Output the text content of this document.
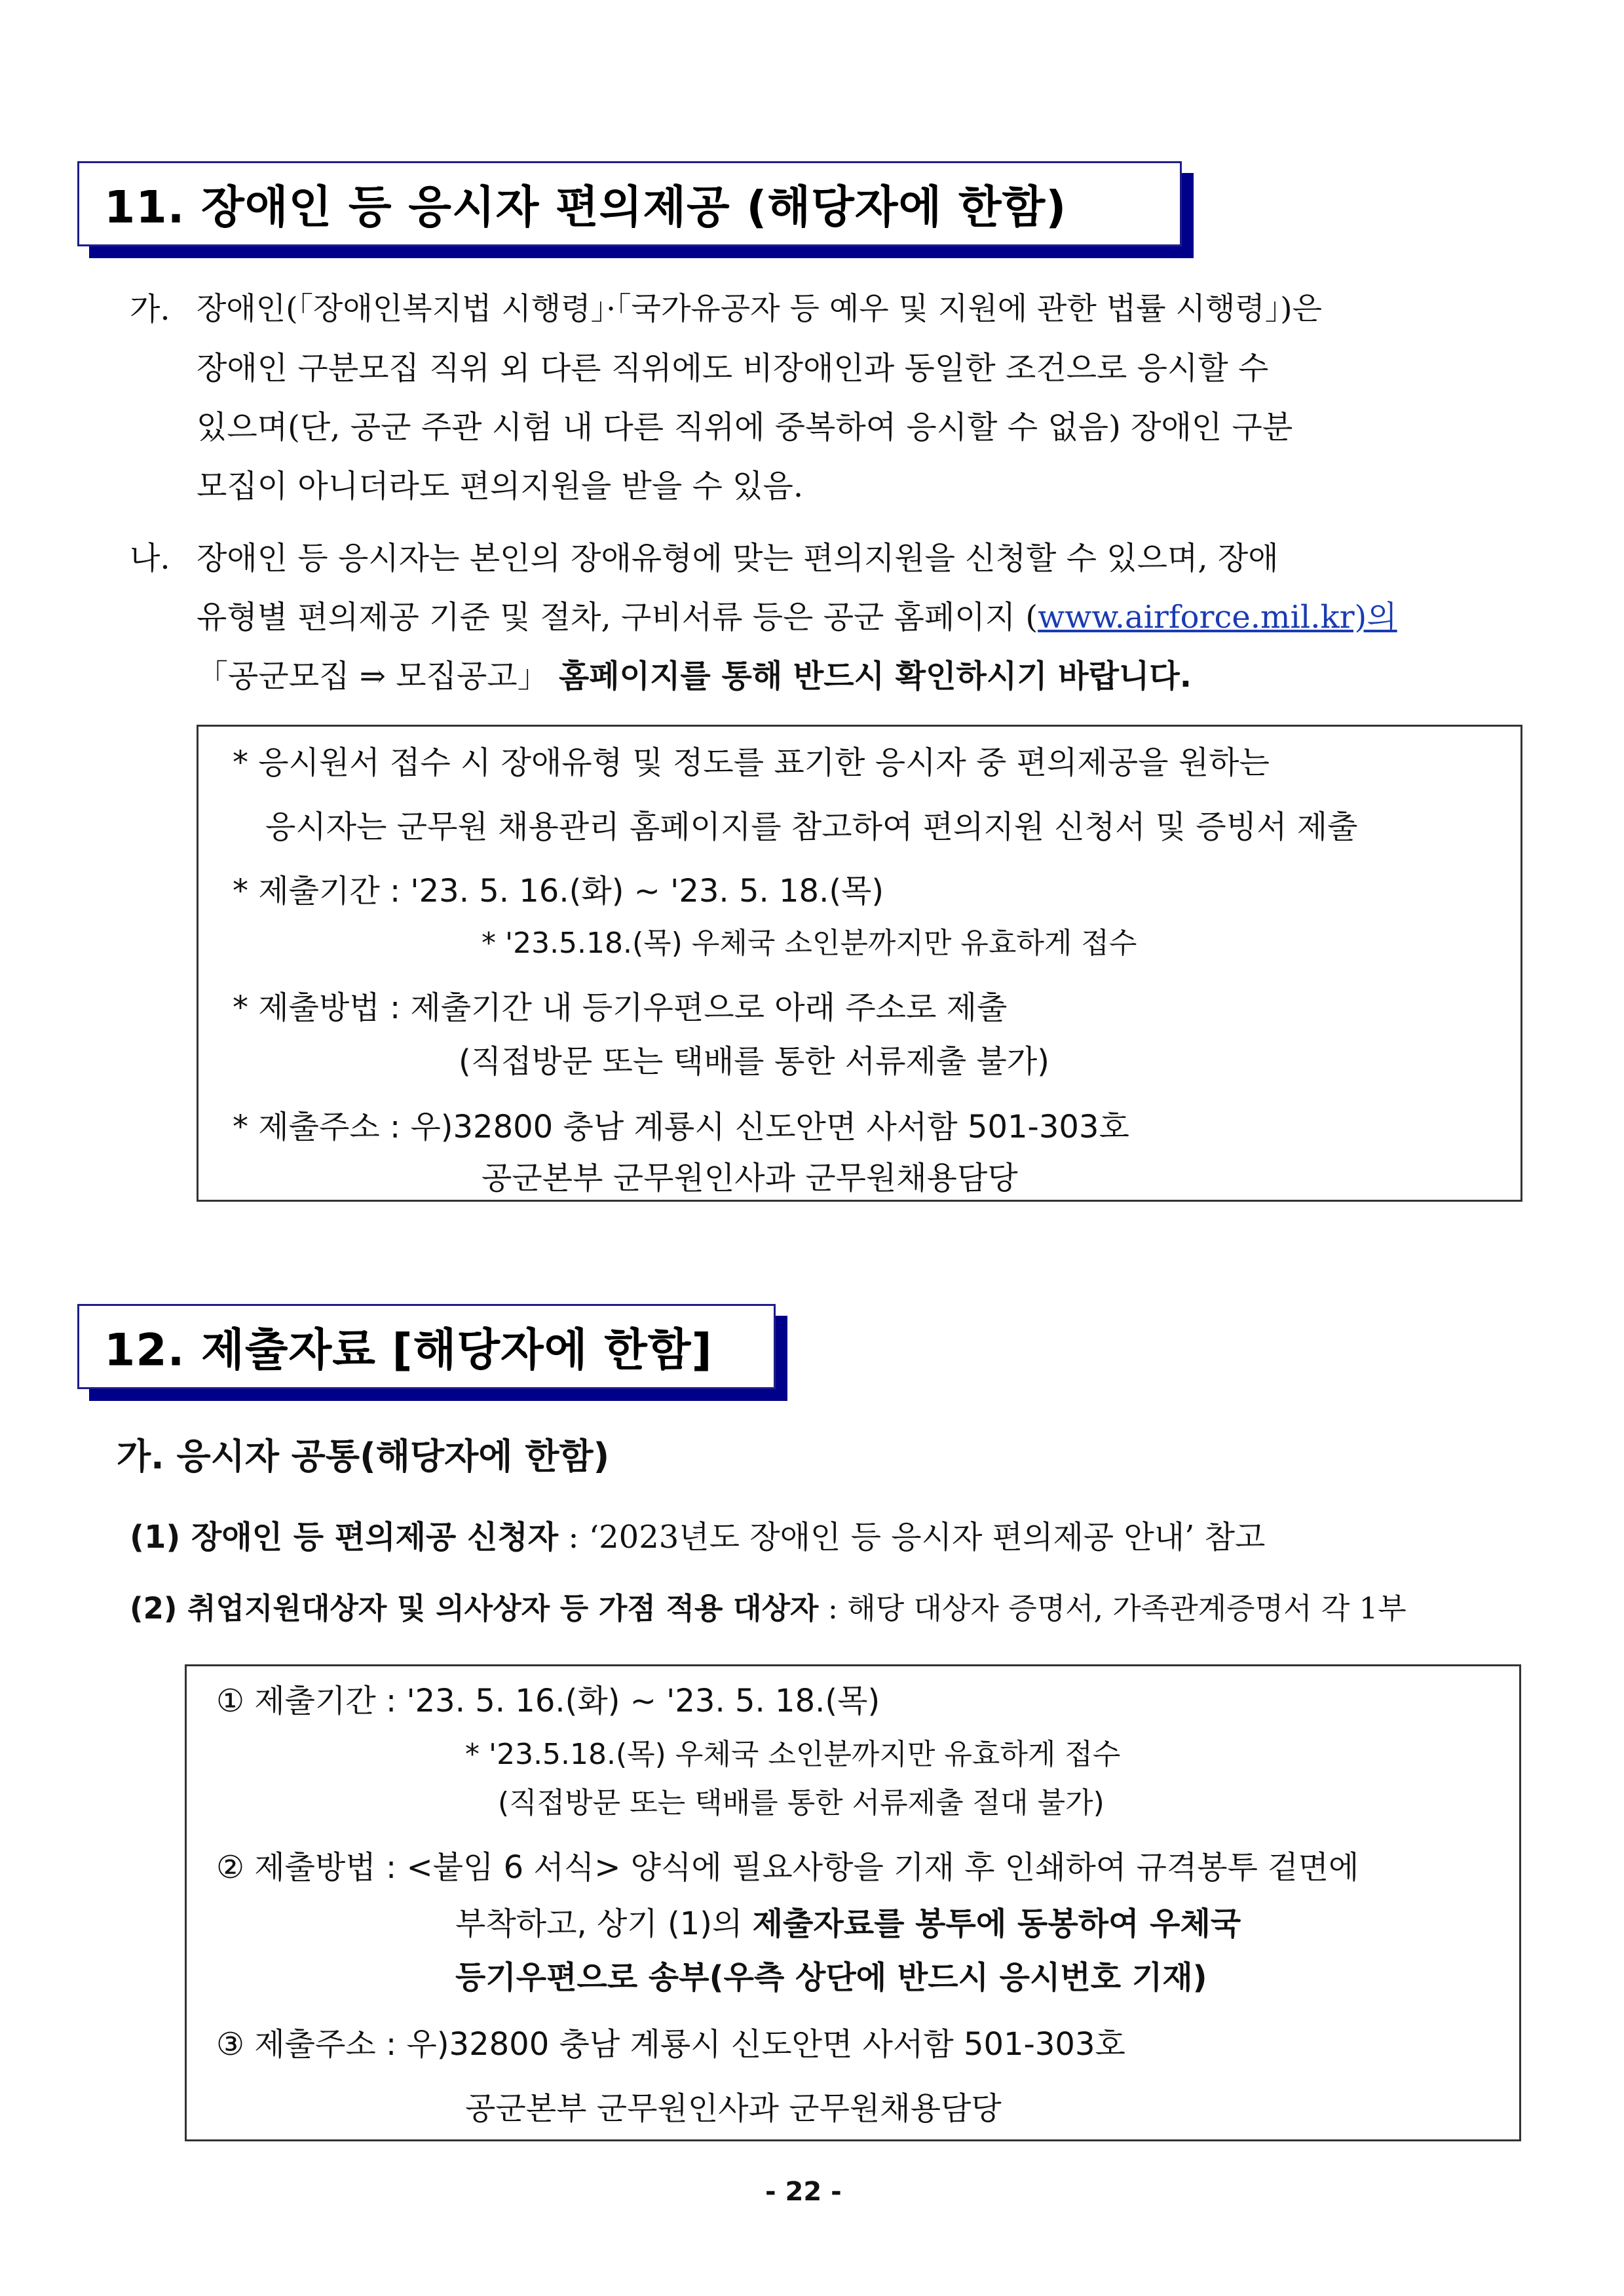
11. 장애인 등 응시자 편의제공 (해당자에 한함)
가. 장애인(「장애인복지법 시행령」·「국가유공자 등 예우 및 지원에 관한 법률 시행령」)은
장애인 구분모집 직위 외 다른 직위에도 비장애인과 동일한 조건으로 응시할 수
있으며(단, 공군 주관 시험 내 다른 직위에 중복하여 응시할 수 없음) 장애인 구분
모집이 아니더라도 편의지원을 받을 수 있음.
나. 장애인 등 응시자는 본인의 장애유형에 맞는 편의지원을 신청할 수 있으며, 장애
유형별 편의제공 기준 및 절차, 구비서류 등은 공군 홈페이지 (www.airforce.mil.kr)의
「공군모집 ⇒ 모집공고」 홈페이지를 통해 반드시 확인하시기 바랍니다.
* 응시원서 접수 시 장애유형 및 정도를 표기한 응시자 중 편의제공을 원하는
응시자는 군무원 채용관리 홈페이지를 참고하여 편의지원 신청서 및 증빙서 제출
* 제출기간 : '23. 5. 16.(화) ~ '23. 5. 18.(목)
* '23.5.18.(목) 우체국 소인분까지만 유효하게 접수
* 제출방법 : 제출기간 내 등기우편으로 아래 주소로 제출
(직접방문 또는 택배를 통한 서류제출 불가)
* 제출주소 : 우)32800 충남 계룡시 신도안면 사서함 501-303호
공군본부 군무원인사과 군무원채용담당
12. 제출자료 [해당자에 한함]
가. 응시자 공통(해당자에 한함)
(1) 장애인 등 편의제공 신청자 : ‘2023년도 장애인 등 응시자 편의제공 안내’ 참고
(2) 취업지원대상자 및 의사상자 등 가점 적용 대상자 : 해당 대상자 증명서, 가족관계증명서 각 1부
① 제출기간 : '23. 5. 16.(화) ~ '23. 5. 18.(목)
* '23.5.18.(목) 우체국 소인분까지만 유효하게 접수
(직접방문 또는 택배를 통한 서류제출 절대 불가)
② 제출방법 : <붙임 6 서식> 양식에 필요사항을 기재 후 인쇄하여 규격봉투 겉면에
부착하고, 상기 (1)의 제출자료를 봉투에 동봉하여 우체국
등기우편으로 송부(우측 상단에 반드시 응시번호 기재)
③ 제출주소 : 우)32800 충남 계룡시 신도안면 사서함 501-303호
공군본부 군무원인사과 군무원채용담당
- 22 -
